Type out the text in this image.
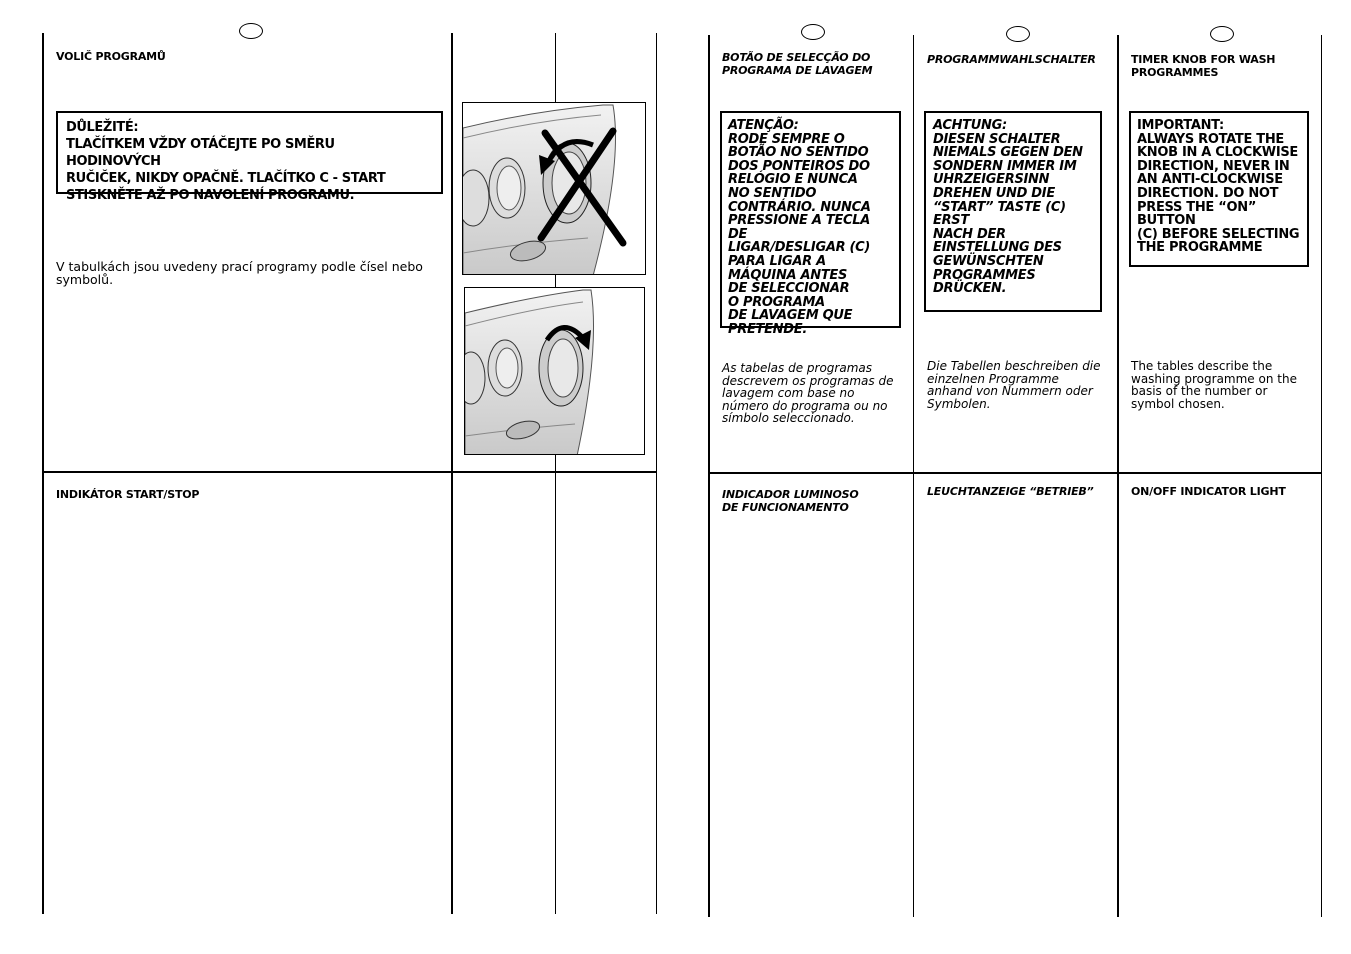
VOLIČ PROGRAMŮ
DŮLEŽITÉ:
TLAČÍTKEM VŽDY OTÁČEJTE PO SMĚRU HODINOVÝCH
RUČIČEK, NIKDY OPAČNĚ. TLAČÍTKO C - START
STISKNĚTE AŽ PO NAVOLENÍ PROGRAMU.
V tabulkách jsou uvedeny prací programy podle čísel nebo
symbolů.
INDIKÁTOR START/STOP
BOTÃO DE SELECÇÃO DO
PROGRAMA DE LAVAGEM
ATENÇÃO:
RODE SEMPRE O
BOTÃO NO SENTIDO
DOS PONTEIROS DO
RELÓGIO E NUNCA
NO SENTIDO
CONTRÁRIO. NUNCA
PRESSIONE A TECLA DE
LIGAR/DESLIGAR (C)
PARA LIGAR A
MÁQUINA ANTES
DE SELECCIONAR
O PROGRAMA
DE LAVAGEM QUE
PRETENDE.
As tabelas de programas
descrevem os programas de
lavagem com base no
número do programa ou no
símbolo seleccionado.
INDICADOR LUMINOSO
DE FUNCIONAMENTO
PROGRAMMWAHLSCHALTER
ACHTUNG:
DIESEN SCHALTER
NIEMALS GEGEN DEN
SONDERN IMMER IM
UHRZEIGERSINN
DREHEN UND DIE
“START” TASTE (C) ERST
NACH DER
EINSTELLUNG DES
GEWÜNSCHTEN
PROGRAMMES
DRÜCKEN.
Die Tabellen beschreiben die
einzelnen Programme
anhand von Nummern oder
Symbolen.
LEUCHTANZEIGE “BETRIEB”
TIMER KNOB FOR WASH
PROGRAMMES
IMPORTANT:
ALWAYS ROTATE THE
KNOB IN A CLOCKWISE
DIRECTION, NEVER IN
AN ANTI-CLOCKWISE
DIRECTION. DO NOT
PRESS THE “ON” BUTTON
(C) BEFORE SELECTING
THE PROGRAMME
The tables describe the
washing programme on the
basis of the number or
symbol chosen.
ON/OFF INDICATOR LIGHT
